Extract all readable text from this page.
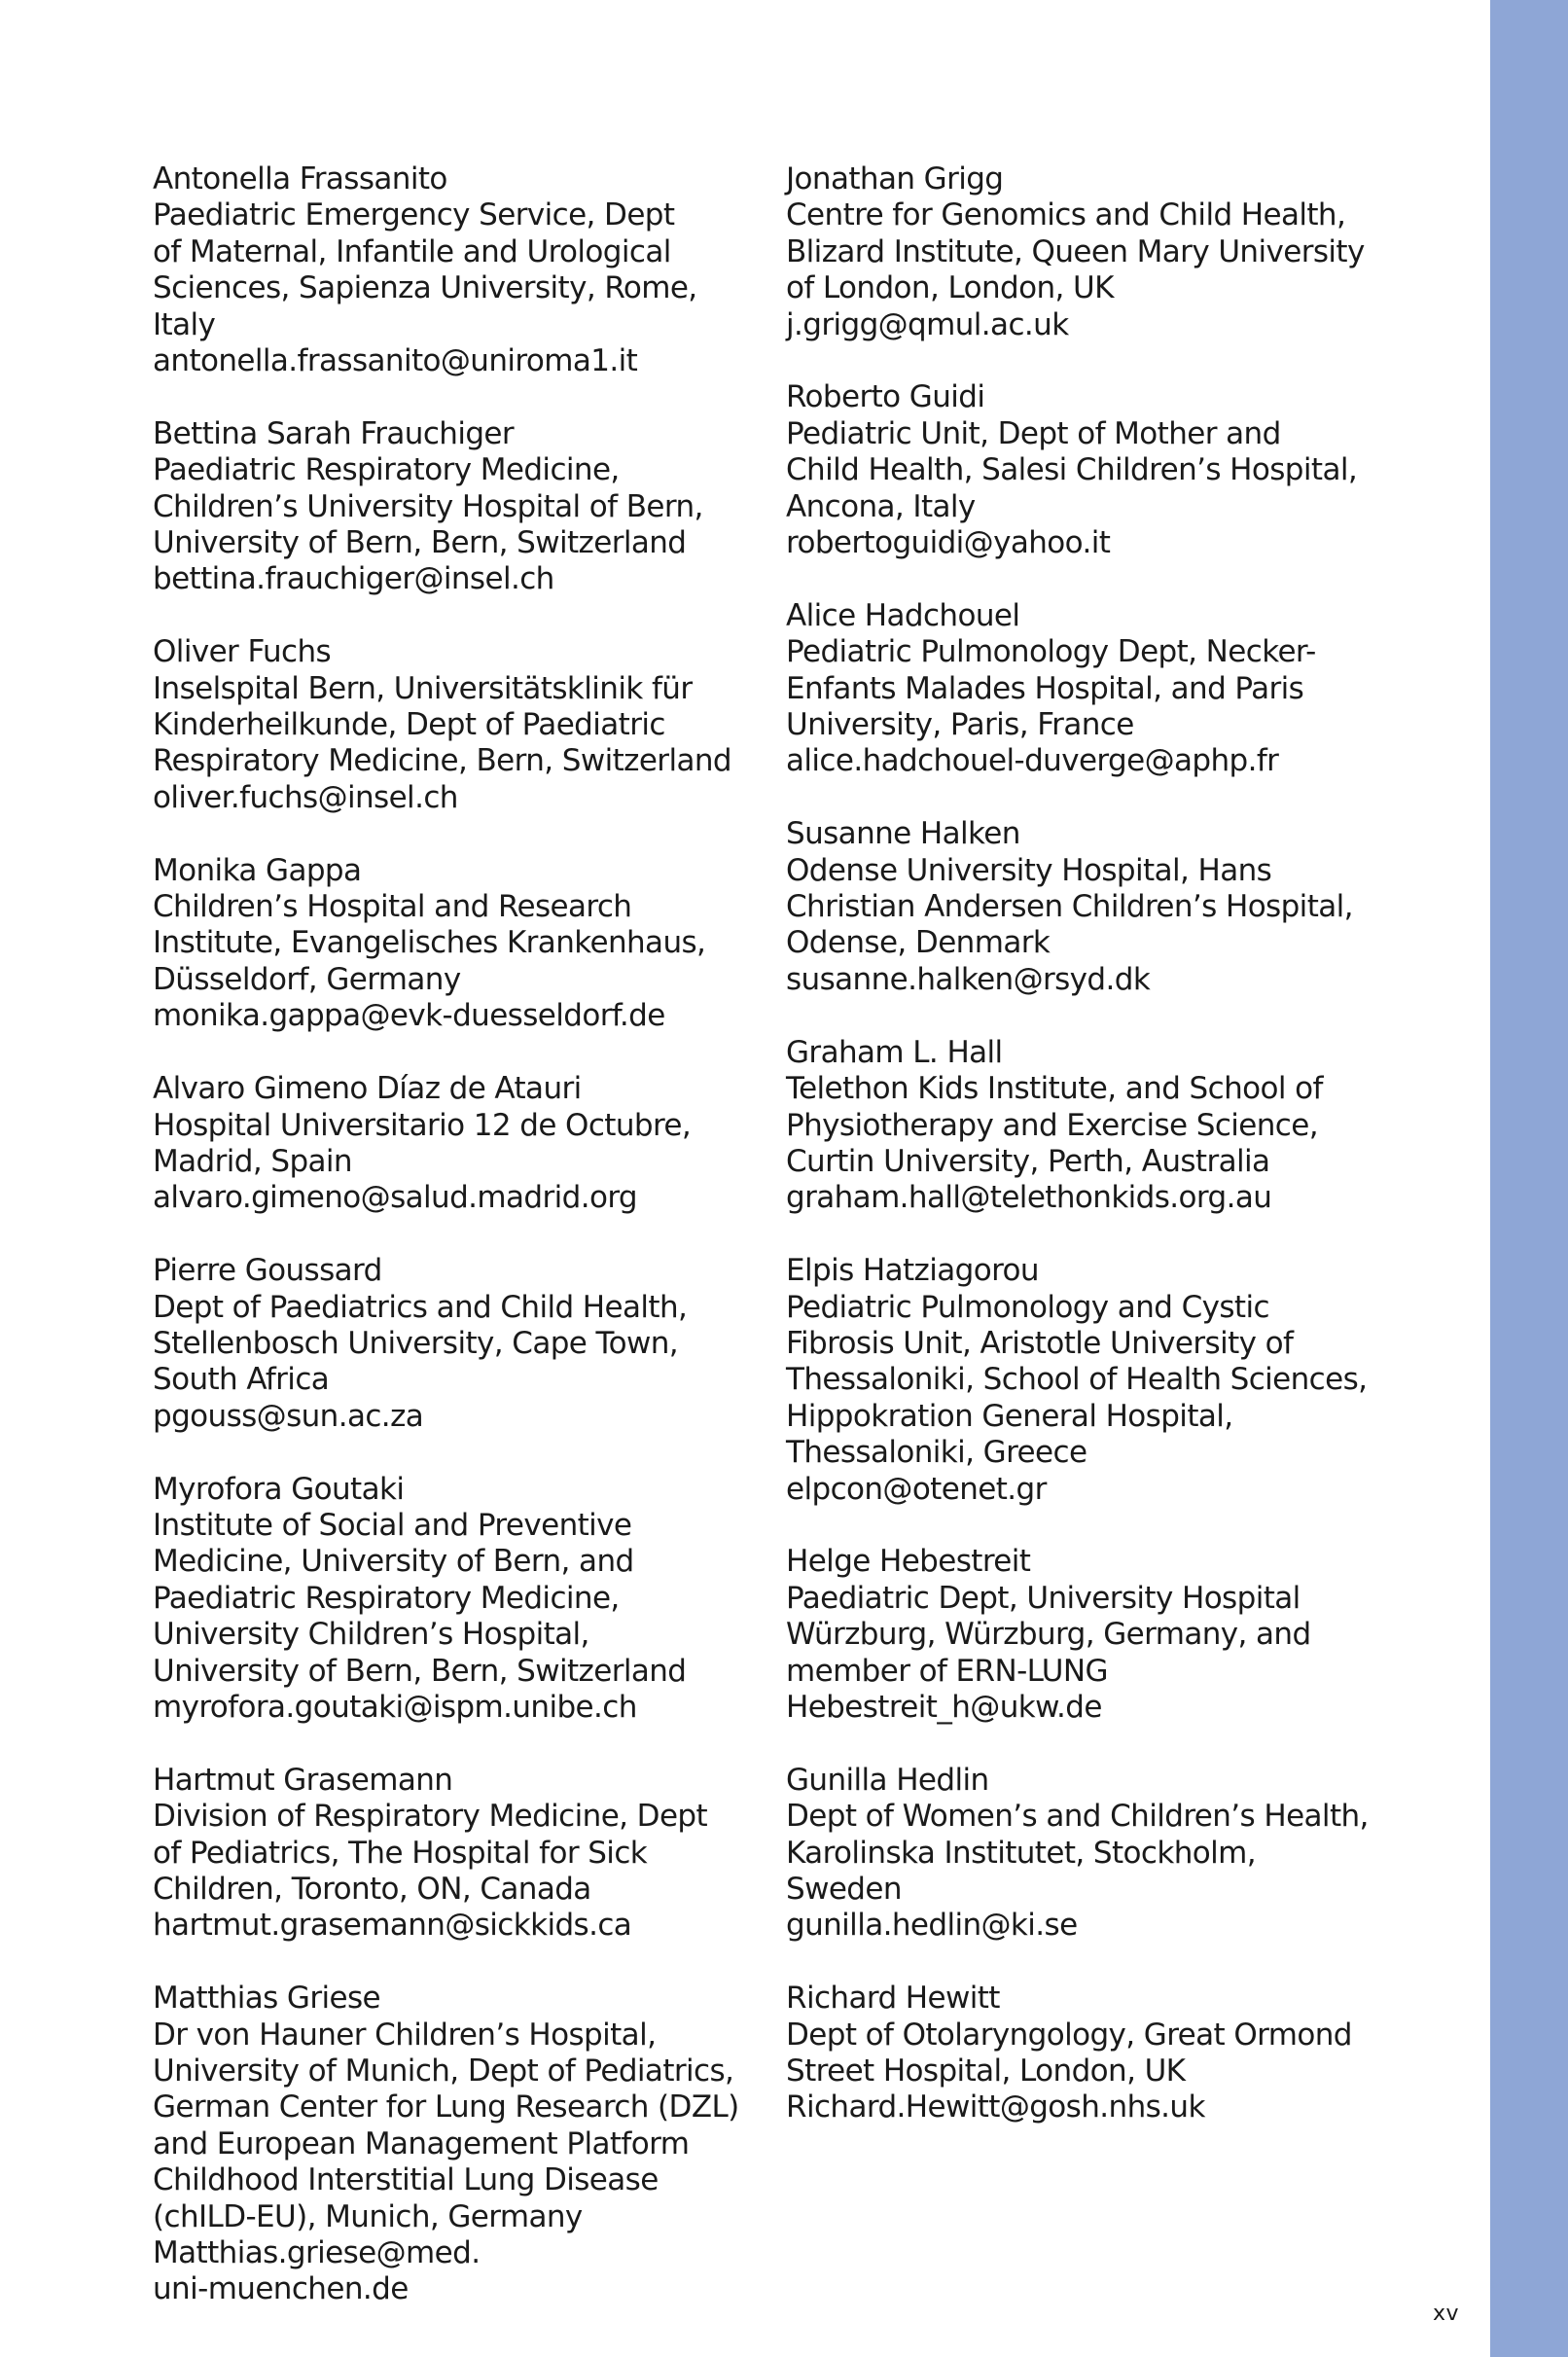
Antonella Frassanito
Paediatric Emergency Service, Dept
of Maternal, Infantile and Urological
Sciences, Sapienza University, Rome,
Italy
antonella.frassanito@uniroma1.it
Bettina Sarah Frauchiger
Paediatric Respiratory Medicine,
Children’s University Hospital of Bern,
University of Bern, Bern, Switzerland
bettina.frauchiger@insel.ch
Oliver Fuchs
Inselspital Bern, Universitätsklinik für
Kinderheilkunde, Dept of Paediatric
Respiratory Medicine, Bern, Switzerland
oliver.fuchs@insel.ch
Monika Gappa
Children’s Hospital and Research
Institute, Evangelisches Krankenhaus,
Düsseldorf, Germany
monika.gappa@evk-duesseldorf.de
Alvaro Gimeno Díaz de Atauri
Hospital Universitario 12 de Octubre,
Madrid, Spain
alvaro.gimeno@salud.madrid.org
Pierre Goussard
Dept of Paediatrics and Child Health,
Stellenbosch University, Cape Town,
South Africa
pgouss@sun.ac.za
Myrofora Goutaki
Institute of Social and Preventive
Medicine, University of Bern, and
Paediatric Respiratory Medicine,
University Children’s Hospital,
University of Bern, Bern, Switzerland
myrofora.goutaki@ispm.unibe.ch
Hartmut Grasemann
Division of Respiratory Medicine, Dept
of Pediatrics, The Hospital for Sick
Children, Toronto, ON, Canada
hartmut.grasemann@sickkids.ca
Matthias Griese
Dr von Hauner Children’s Hospital,
University of Munich, Dept of Pediatrics,
German Center for Lung Research (DZL)
and European Management Platform
Childhood Interstitial Lung Disease
(chILD-EU), Munich, Germany
Matthias.griese@med.
uni-muenchen.de
Jonathan Grigg
Centre for Genomics and Child Health,
Blizard Institute, Queen Mary University
of London, London, UK
j.grigg@qmul.ac.uk
Roberto Guidi
Pediatric Unit, Dept of Mother and
Child Health, Salesi Children’s Hospital,
Ancona, Italy
robertoguidi@yahoo.it
Alice Hadchouel
Pediatric Pulmonology Dept, Necker-
Enfants Malades Hospital, and Paris
University, Paris, France
alice.hadchouel-duverge@aphp.fr
Susanne Halken
Odense University Hospital, Hans
Christian Andersen Children’s Hospital,
Odense, Denmark
susanne.halken@rsyd.dk
Graham L. Hall
Telethon Kids Institute, and School of
Physiotherapy and Exercise Science,
Curtin University, Perth, Australia
graham.hall@telethonkids.org.au
Elpis Hatziagorou
Pediatric Pulmonology and Cystic
Fibrosis Unit, Aristotle University of
Thessaloniki, School of Health Sciences,
Hippokration General Hospital,
Thessaloniki, Greece
elpcon@otenet.gr
Helge Hebestreit
Paediatric Dept, University Hospital
Würzburg, Würzburg, Germany, and
member of ERN-LUNG
Hebestreit_h@ukw.de
Gunilla Hedlin
Dept of Women’s and Children’s Health,
Karolinska Institutet, Stockholm,
Sweden
gunilla.hedlin@ki.se
Richard Hewitt
Dept of Otolaryngology, Great Ormond
Street Hospital, London, UK
Richard.Hewitt@gosh.nhs.uk
xv
